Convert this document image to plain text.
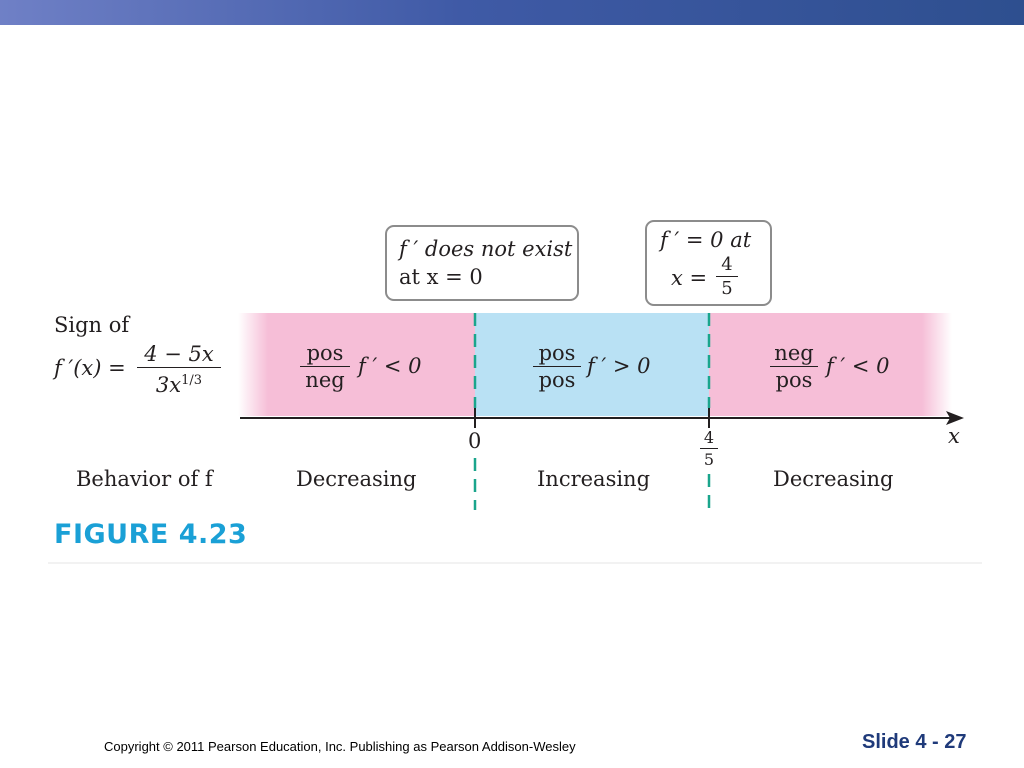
f ′ does not exist
at x = 0
f ′ = 0 at
x =
4
5
Sign of
f ′(x) =
4 − 5x
$3x^{1/3}$
pos
neg
f ′ < 0
pos
pos
f ′ > 0
neg
pos
f ′ < 0
0	4
5
x
Behavior of f	Decreasing	Increasing	Decreasing
FIGURE 4.23
Copyright © 2011 Pearson Education, Inc. Publishing as Pearson Addison-Wesley	Slide 4 - 27
